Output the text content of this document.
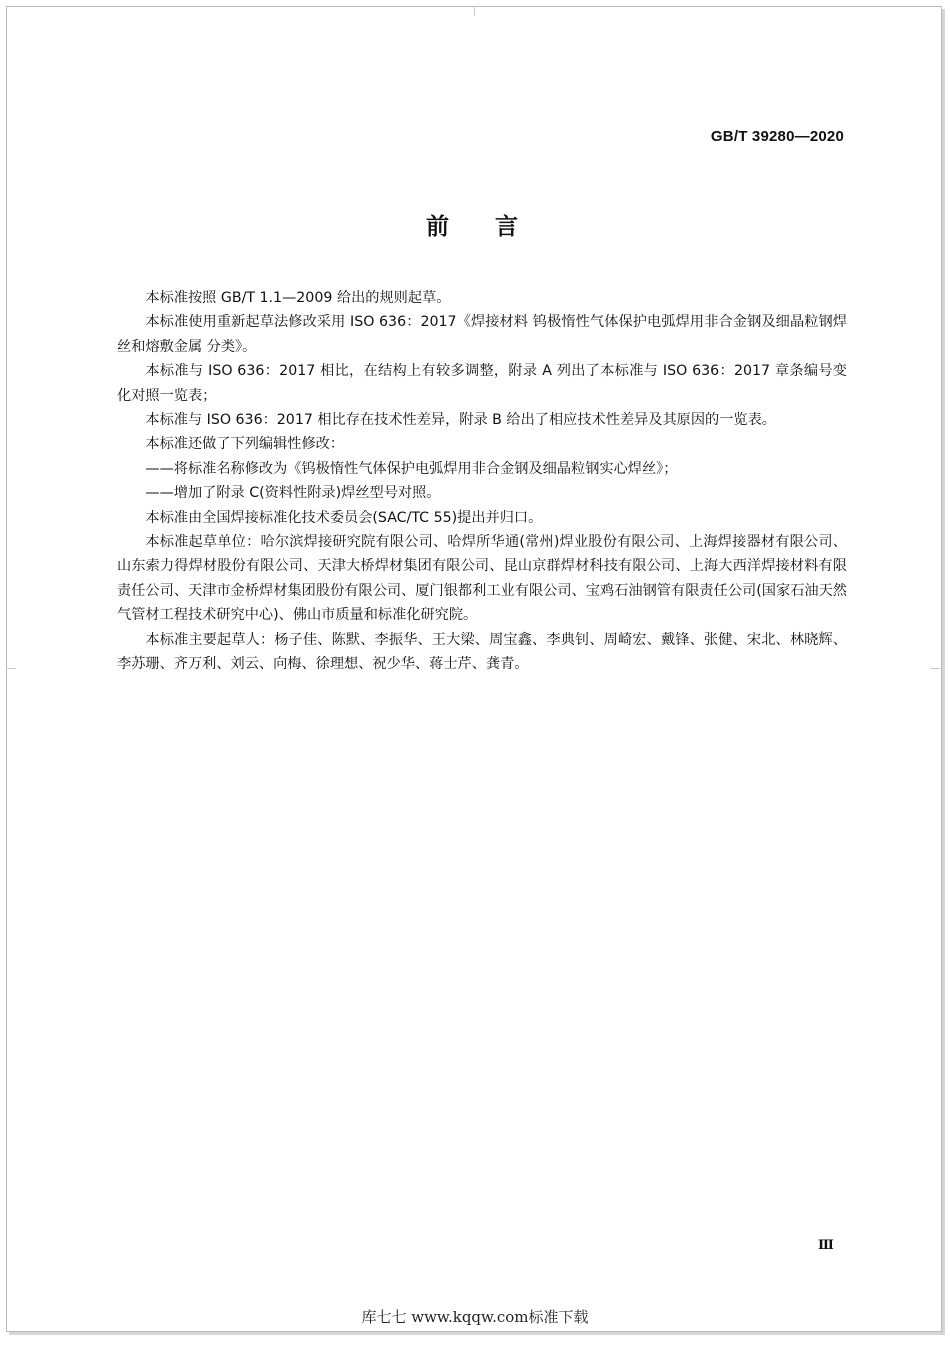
GB/T 39280—2020
前言

本标准按照 GB/T 1.1—2009 给出的规则起草。

本标准使用重新起草法修改采用 ISO 636：2017《焊接材料 钨极惰性气体保护电弧焊用非合金钢及细晶粒钢焊丝和熔敷金属 分类》。

本标准与 ISO 636：2017 相比，在结构上有较多调整，附录 A 列出了本标准与 ISO 636：2017 章条编号变化对照一览表；

本标准与 ISO 636：2017 相比存在技术性差异，附录 B 给出了相应技术性差异及其原因的一览表。

本标准还做了下列编辑性修改：

——将标准名称修改为《钨极惰性气体保护电弧焊用非合金钢及细晶粒钢实心焊丝》；

——增加了附录 C(资料性附录)焊丝型号对照。

本标准由全国焊接标准化技术委员会(SAC/TC 55)提出并归口。

本标准起草单位：哈尔滨焊接研究院有限公司、哈焊所华通(常州)焊业股份有限公司、上海焊接器材有限公司、山东索力得焊材股份有限公司、天津大桥焊材集团有限公司、昆山京群焊材科技有限公司、上海大西洋焊接材料有限责任公司、天津市金桥焊材集团股份有限公司、厦门银都利工业有限公司、宝鸡石油钢管有限责任公司(国家石油天然气管材工程技术研究中心)、佛山市质量和标准化研究院。

本标准主要起草人：杨子佳、陈默、李振华、王大梁、周宝鑫、李典钊、周崎宏、戴锋、张健、宋北、林晓辉、李苏珊、齐万利、刘云、向梅、徐理想、祝少华、蒋士芹、龚青。

Ⅲ
库七七 www.kqqw.com标准下载
